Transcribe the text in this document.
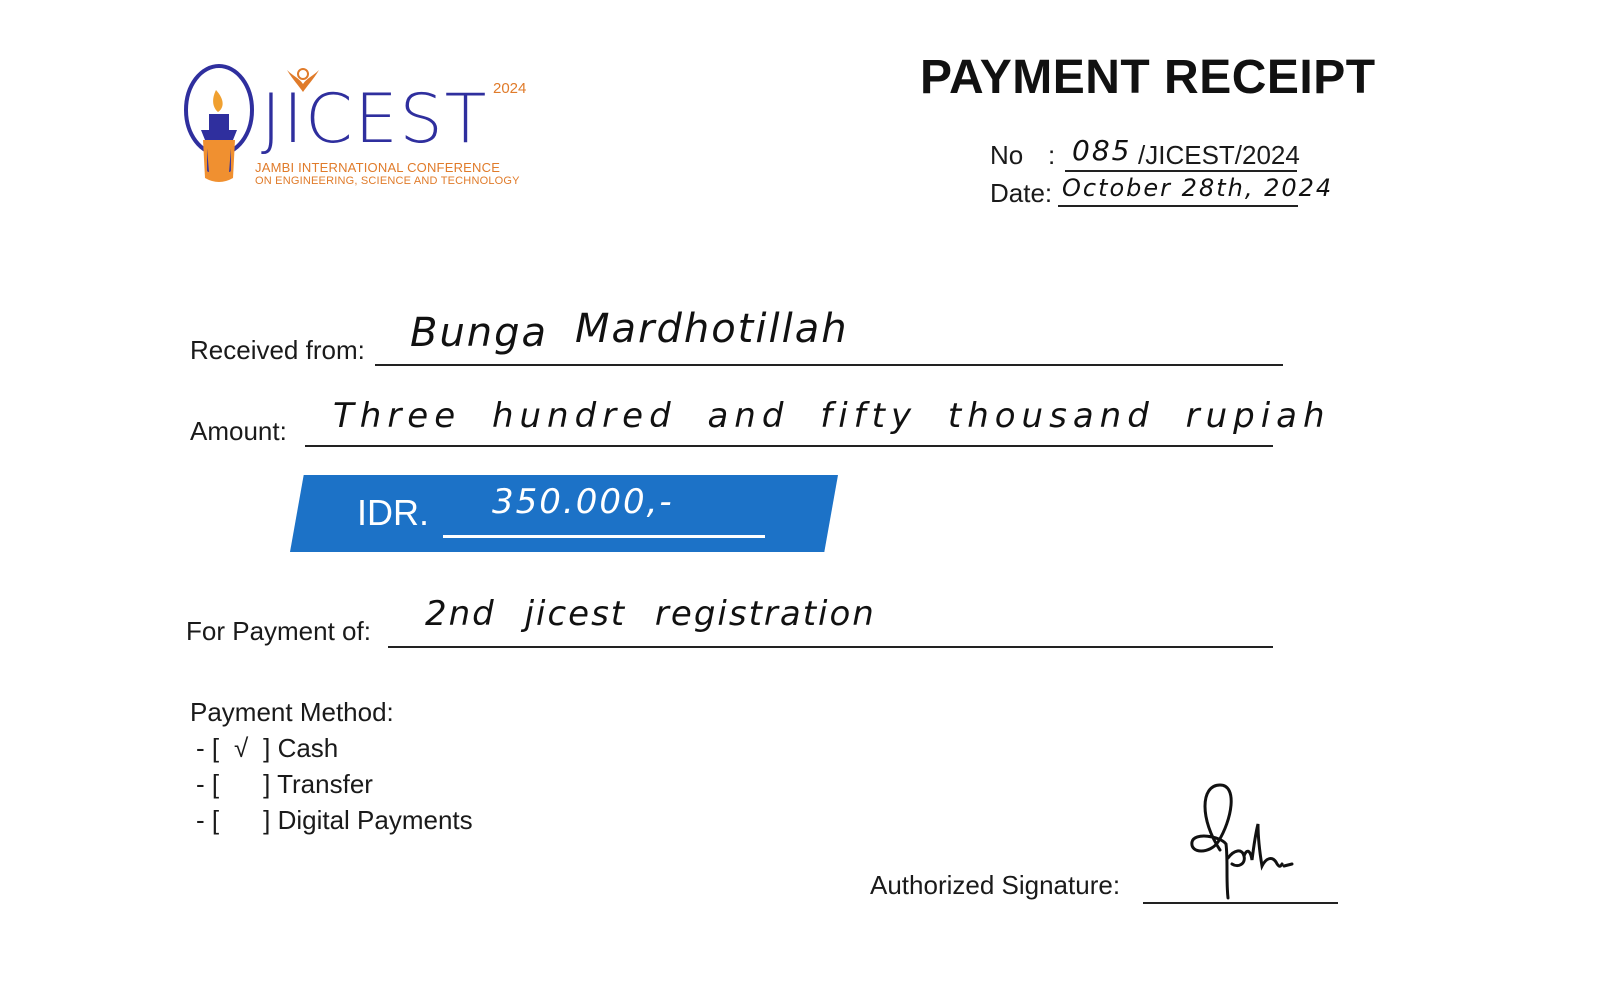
JICEST 2024
JAMBI INTERNATIONAL CONFERENCE
ON ENGINEERING, SCIENCE AND TECHNOLOGY
PAYMENT RECEIPT
No : 085 /JICEST/2024
Date: October 28th, 2024
Received from: Bunga Mardhotillah
Amount: Three hundred and fifty thousand rupiah
IDR. 350.000,-
For Payment of: 2nd jicest registration
Payment Method:
- [ √ ] Cash
- [ ] Transfer
- [ ] Digital Payments
Authorized Signature:
